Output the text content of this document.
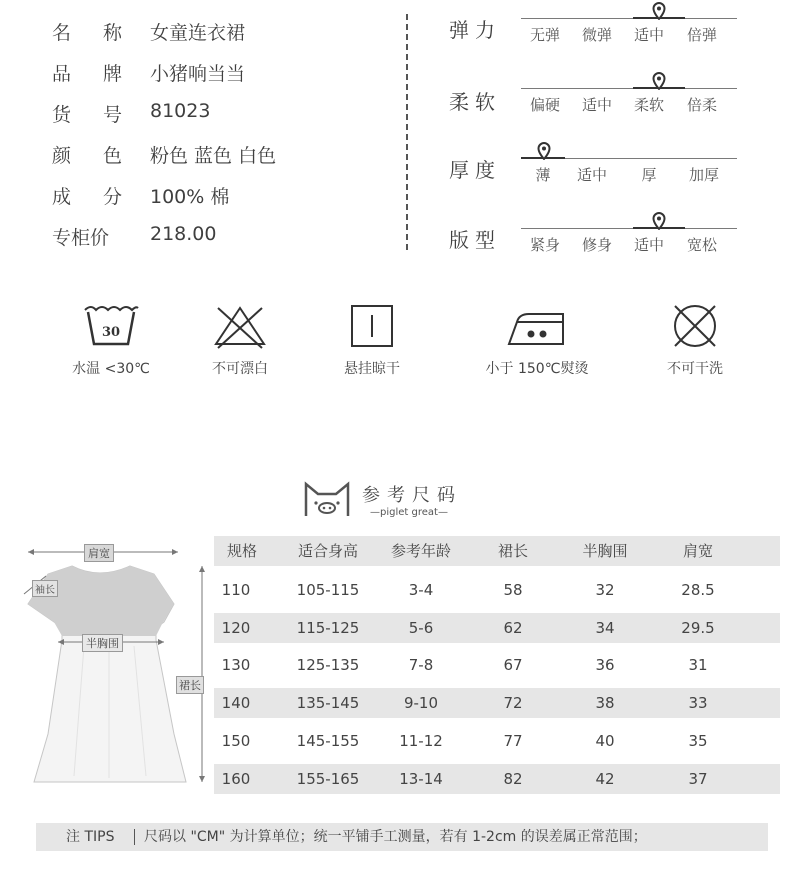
名 称 女童连衣裙
品 牌 小猪响当当
货 号 81023
颜 色 粉色 蓝色 白色
成 分 100% 棉
专柜价	218.00
弹力	无弹	微弹	适中	倍弹
柔软	偏硬	适中	柔软	倍柔
厚度	薄	适中	厚	加厚
版型	紧身	修身	适中	宽松
30
水温 <30℃	不可漂白	悬挂晾干	小于 150℃熨烫	不可干洗
参考尺码
—piglet great—
肩宽
袖长
半胸围
裙长
规格	适合身高	参考年龄	裙长	半胸围	肩宽
110	105-115	3-4	58	32	28.5
120	115-125	5-6	62	34	29.5
130	125-135	7-8	67	36	31
140	135-145	9-10	72	38	33
150	145-155	11-12	77	40	35
160	155-165	13-14	82	42	37
注 TIPS 尺码以 "CM" 为计算单位；统一平铺手工测量，若有 1-2cm 的误差属正常范围；
